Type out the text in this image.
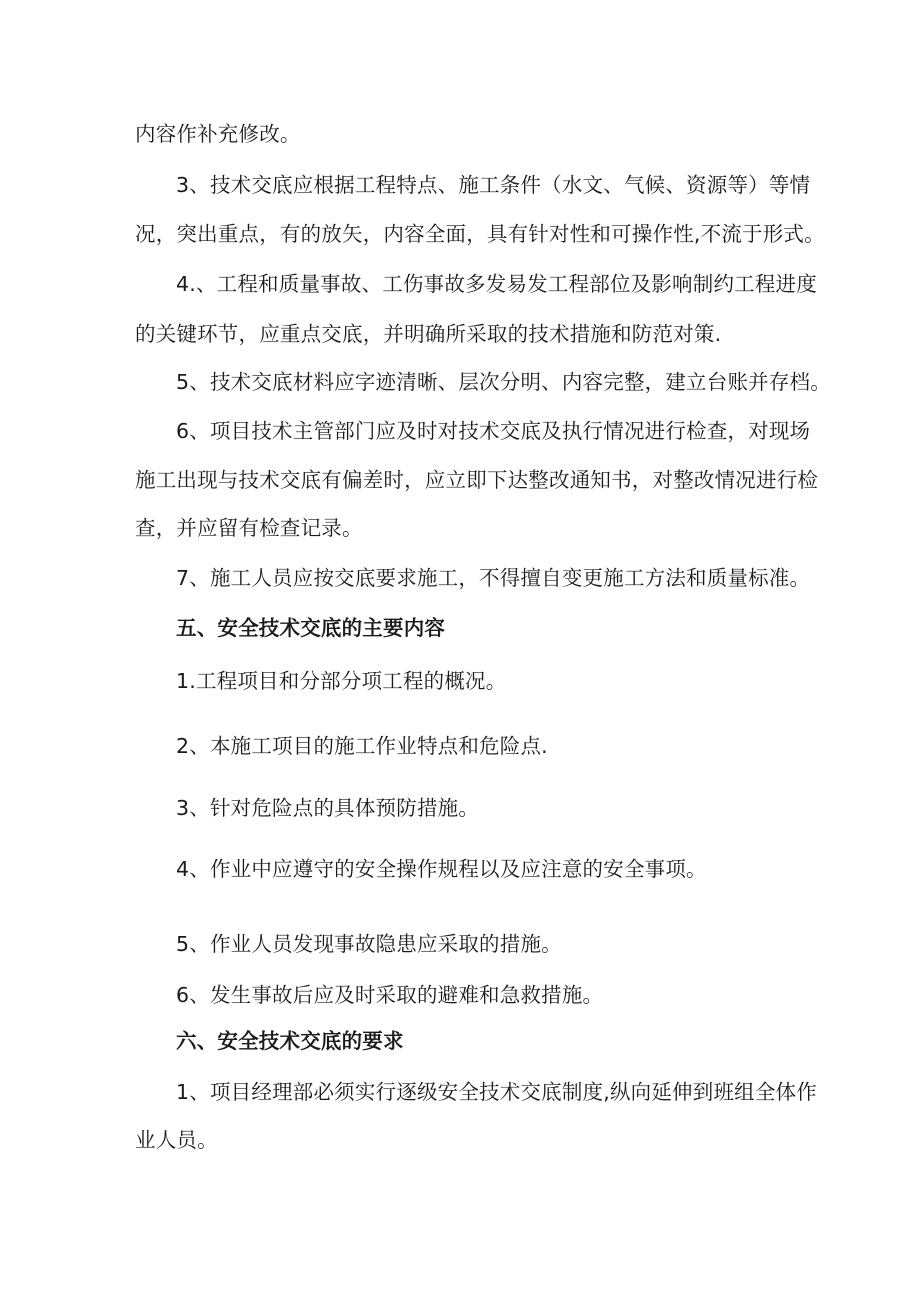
内容作补充修改。
3、技术交底应根据工程特点、施工条件（水文、气候、资源等）等情
况，突出重点，有的放矢，内容全面，具有针对性和可操作性,不流于形式。
4.、工程和质量事故、工伤事故多发易发工程部位及影响制约工程进度
的关键环节，应重点交底，并明确所采取的技术措施和防范对策.
5、技术交底材料应字迹清晰、层次分明、内容完整，建立台账并存档。
6、项目技术主管部门应及时对技术交底及执行情况进行检查，对现场
施工出现与技术交底有偏差时，应立即下达整改通知书，对整改情况进行检
查，并应留有检查记录。
7、施工人员应按交底要求施工，不得擅自变更施工方法和质量标准。
五、安全技术交底的主要内容
1.工程项目和分部分项工程的概况。
2、本施工项目的施工作业特点和危险点.
3、针对危险点的具体预防措施。
4、作业中应遵守的安全操作规程以及应注意的安全事项。
5、作业人员发现事故隐患应采取的措施。
6、发生事故后应及时采取的避难和急救措施。
六、安全技术交底的要求
1、项目经理部必须实行逐级安全技术交底制度,纵向延伸到班组全体作
业人员。
